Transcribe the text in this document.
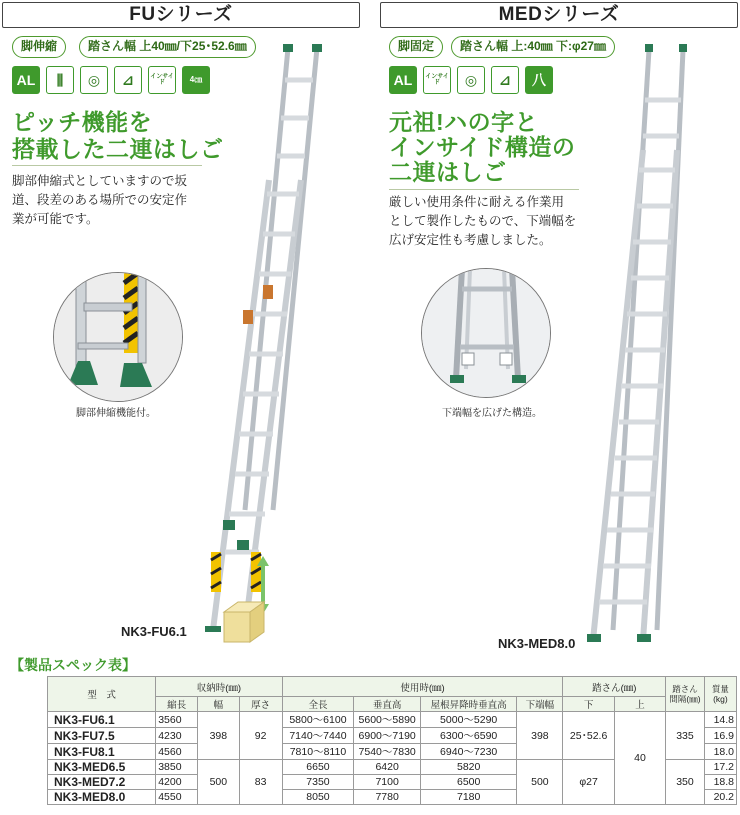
FUシリーズ
脚伸縮	踏さん幅 上40㎜/下25･52.6㎜
AL	⫼	◎	⊿	インサイド	4㎝
ピッチ機能を
搭載した二連はしご
脚部伸縮式としていますので坂
道、段差のある場所での安定作
業が可能です。
脚部伸縮機能付。
NK3-FU6.1
MEDシリーズ
脚固定	踏さん幅 上:40㎜ 下:φ27㎜
AL	インサイド	◎	⊿	八
元祖!ハの字と
インサイド構造の
二連はしご
厳しい使用条件に耐える作業用
として製作したもので、下端幅を
広げ安定性も考慮しました。
下端幅を広げた構造。
NK3-MED8.0
【製品スペック表】
型　式	収納時(㎜)			使用時(㎜)				踏さん(㎜)		踏さん間隔(㎜)	質量(kg)
	縮長	幅	厚さ	全長	垂直高	屋根昇降時垂直高	下端幅	下	上		
NK3-FU6.1	3560	398	92	5800～6100	5600～5890	5000～5290	398	25･52.6	40	335	14.8
NK3-FU7.5	4230			7140～7440	6900～7190	6300～6590					16.9
NK3-FU8.1	4560			7810～8110	7540～7830	6940～7230					18.0
NK3-MED6.5	3850	500	83	6650	6420	5820	500	φ27		350	17.2
NK3-MED7.2	4200			7350	7100	6500					18.8
NK3-MED8.0	4550			8050	7780	7180					20.2
